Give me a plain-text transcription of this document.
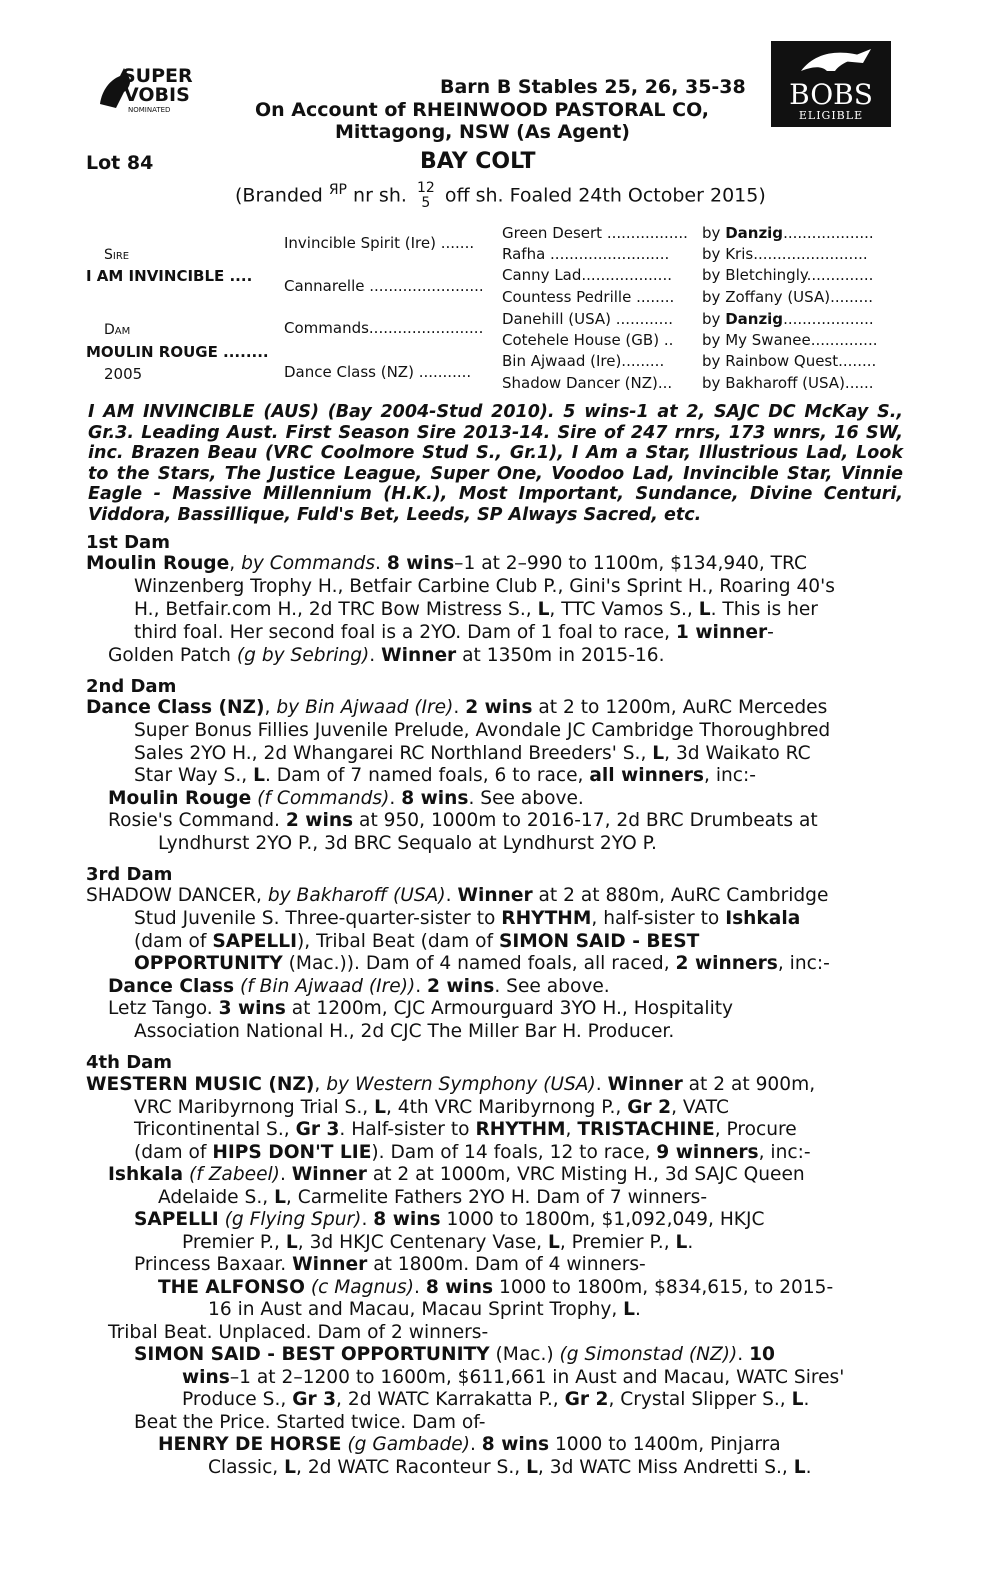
SUPER
VOBIS
NOMINATED	BOBS
ELIGIBLE
Barn B Stables 25, 26, 35-38
On Account of RHEINWOOD PASTORAL CO,
Mittagong, NSW (As Agent)
Lot 84	BAY COLT
(Branded $^{ЯP}$ nr sh. 12
5 off sh. Foaled 24th October 2015)
Sire
I AM INVINCIBLE ....
Dam
MOULIN ROUGE ........
2005
Invincible Spirit (Ire) .......
Cannarelle ........................
Commands........................
Dance Class (NZ) ...........
Green Desert .................
Rafha .........................
Canny Lad...................
Countess Pedrille ........
Danehill (USA) ............
Cotehele House (GB) ..
Bin Ajwaad (Ire).........
Shadow Dancer (NZ)...
by Danzig...................
by Kris........................
by Bletchingly..............
by Zoffany (USA).........
by Danzig...................
by My Swanee..............
by Rainbow Quest........
by Bakharoff (USA)......
I AM INVINCIBLE (AUS) (Bay 2004-Stud 2010). 5 wins-1 at 2, SAJC DC McKay S., Gr.3. Leading Aust. First Season Sire 2013-14. Sire of 247 rnrs, 173 wnrs, 16 SW, inc. Brazen Beau (VRC Coolmore Stud S., Gr.1), I Am a Star, Illustrious Lad, Look to the Stars, The Justice League, Super One, Voodoo Lad, Invincible Star, Vinnie Eagle - Massive Millennium (H.K.), Most Important, Sundance, Divine Centuri, Viddora, Bassillique, Fuld's Bet, Leeds, SP Always Sacred, etc.
1st Dam
2nd Dam
3rd Dam
4th Dam
Moulin Rouge, by Commands. 8 wins–1 at 2–990 to 1100m, $134,940, TRC
Winzenberg Trophy H., Betfair Carbine Club P., Gini's Sprint H., Roaring 40's
H., Betfair.com H., 2d TRC Bow Mistress S., L, TTC Vamos S., L. This is her
third foal. Her second foal is a 2YO. Dam of 1 foal to race, 1 winner-
Golden Patch (g by Sebring). Winner at 1350m in 2015-16.
Dance Class (NZ), by Bin Ajwaad (Ire). 2 wins at 2 to 1200m, AuRC Mercedes
Super Bonus Fillies Juvenile Prelude, Avondale JC Cambridge Thoroughbred
Sales 2YO H., 2d Whangarei RC Northland Breeders' S., L, 3d Waikato RC
Star Way S., L. Dam of 7 named foals, 6 to race, all winners, inc:-
Moulin Rouge (f Commands). 8 wins. See above.
Rosie's Command. 2 wins at 950, 1000m to 2016-17, 2d BRC Drumbeats at
Lyndhurst 2YO P., 3d BRC Sequalo at Lyndhurst 2YO P.
SHADOW DANCER, by Bakharoff (USA). Winner at 2 at 880m, AuRC Cambridge
Stud Juvenile S. Three-quarter-sister to RHYTHM, half-sister to Ishkala
(dam of SAPELLI), Tribal Beat (dam of SIMON SAID - BEST
OPPORTUNITY (Mac.)). Dam of 4 named foals, all raced, 2 winners, inc:-
Dance Class (f Bin Ajwaad (Ire)). 2 wins. See above.
Letz Tango. 3 wins at 1200m, CJC Armourguard 3YO H., Hospitality
Association National H., 2d CJC The Miller Bar H. Producer.
WESTERN MUSIC (NZ), by Western Symphony (USA). Winner at 2 at 900m,
VRC Maribyrnong Trial S., L, 4th VRC Maribyrnong P., Gr 2, VATC
Tricontinental S., Gr 3. Half-sister to RHYTHM, TRISTACHINE, Procure
(dam of HIPS DON'T LIE). Dam of 14 foals, 12 to race, 9 winners, inc:-
Ishkala (f Zabeel). Winner at 2 at 1000m, VRC Misting H., 3d SAJC Queen
Adelaide S., L, Carmelite Fathers 2YO H. Dam of 7 winners-
SAPELLI (g Flying Spur). 8 wins 1000 to 1800m, $1,092,049, HKJC
Premier P., L, 3d HKJC Centenary Vase, L, Premier P., L.
Princess Baxaar. Winner at 1800m. Dam of 4 winners-
THE ALFONSO (c Magnus). 8 wins 1000 to 1800m, $834,615, to 2015-
16 in Aust and Macau, Macau Sprint Trophy, L.
Tribal Beat. Unplaced. Dam of 2 winners-
SIMON SAID - BEST OPPORTUNITY (Mac.) (g Simonstad (NZ)). 10
wins–1 at 2–1200 to 1600m, $611,661 in Aust and Macau, WATC Sires'
Produce S., Gr 3, 2d WATC Karrakatta P., Gr 2, Crystal Slipper S., L.
Beat the Price. Started twice. Dam of-
HENRY DE HORSE (g Gambade). 8 wins 1000 to 1400m, Pinjarra
Classic, L, 2d WATC Raconteur S., L, 3d WATC Miss Andretti S., L.
